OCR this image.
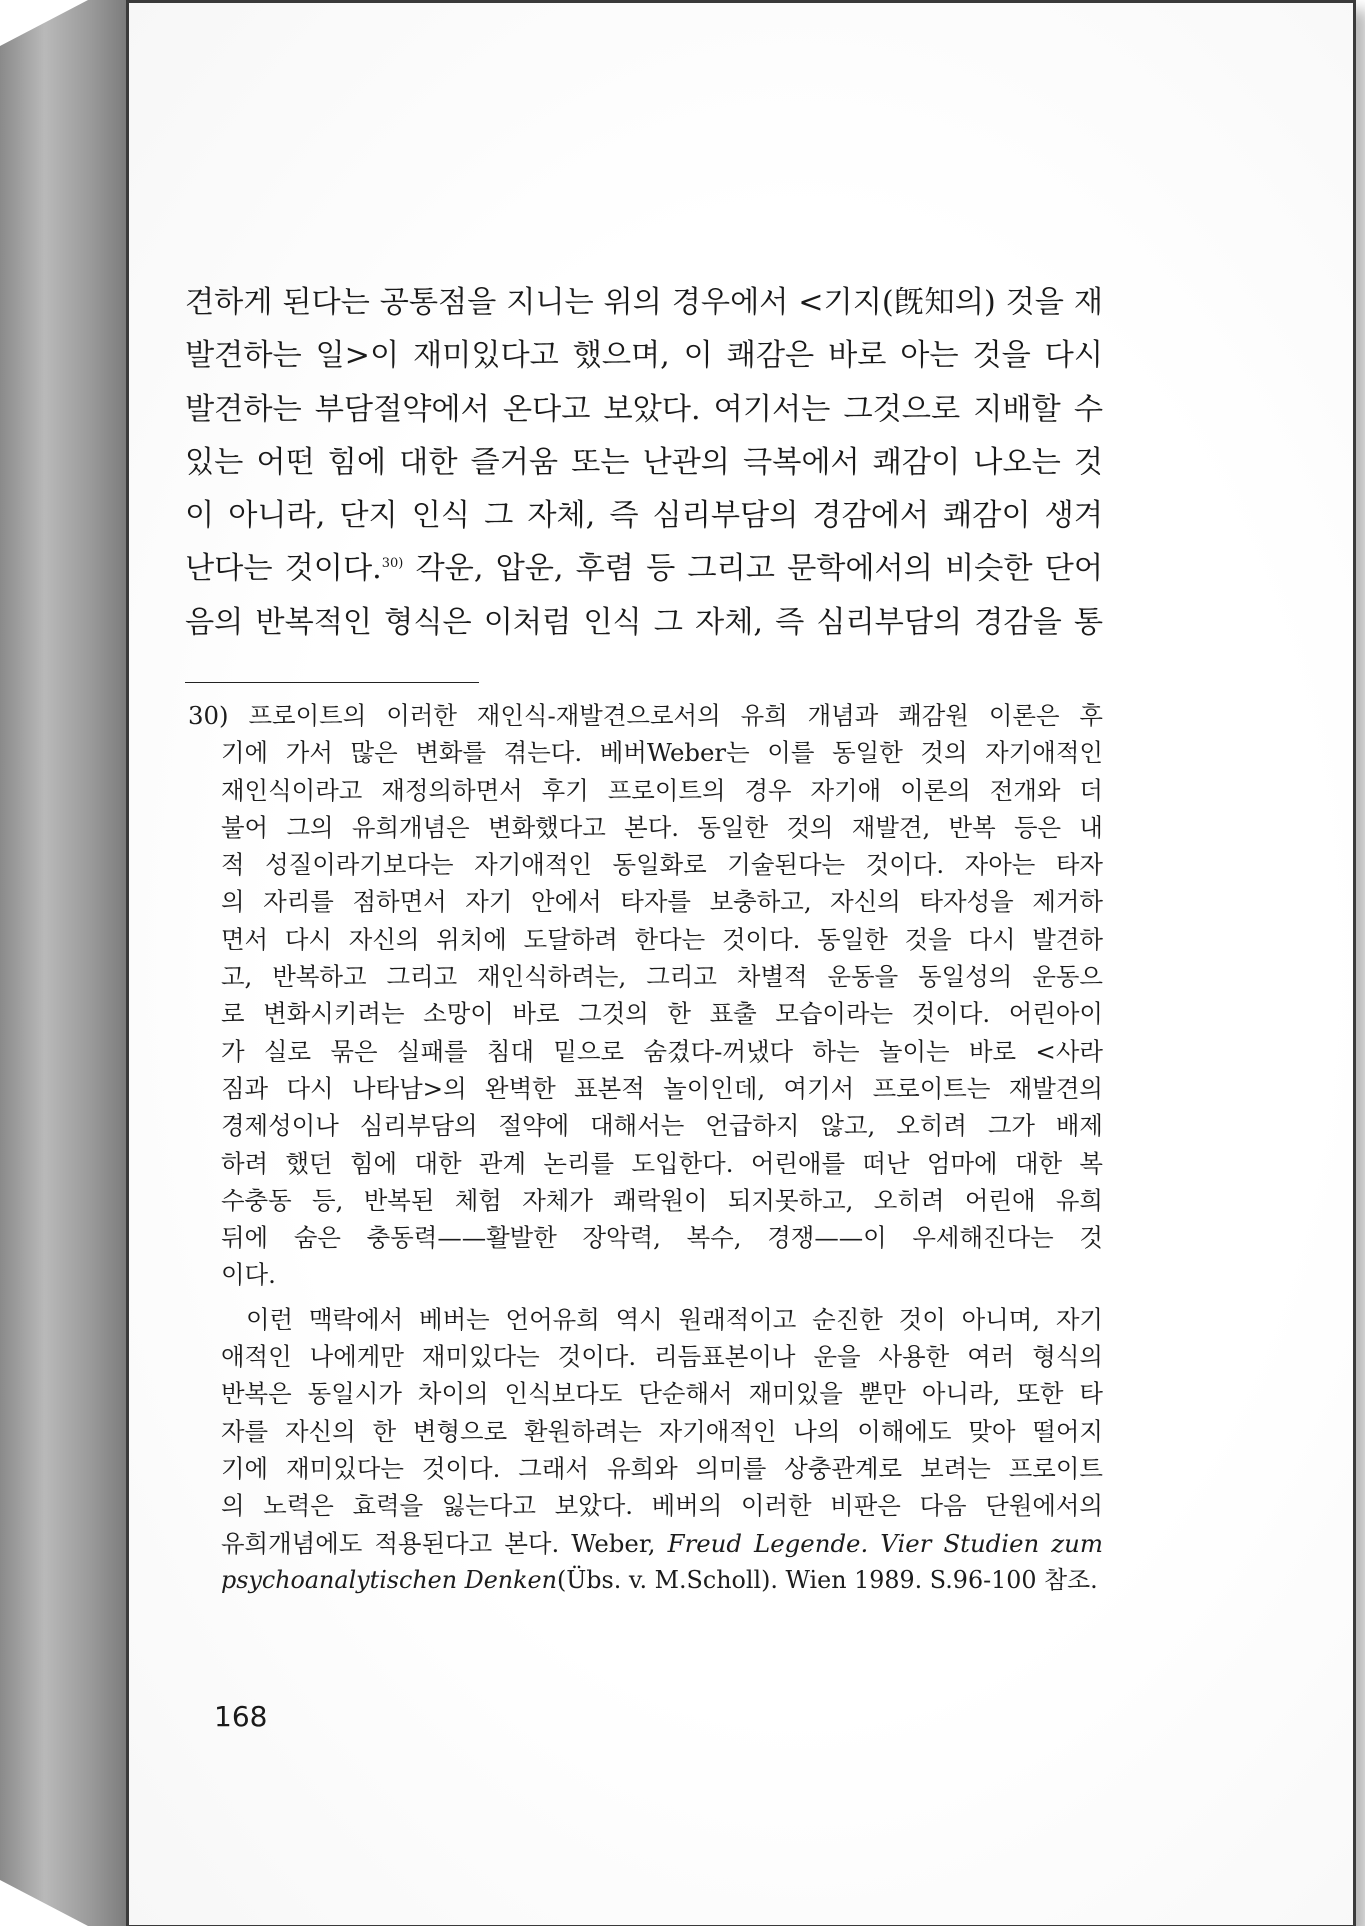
견하게 된다는 공통점을 지니는 위의 경우에서 <기지(旣知의) 것을 재
발견하는 일>이 재미있다고 했으며, 이 쾌감은 바로 아는 것을 다시
발견하는 부담절약에서 온다고 보았다. 여기서는 그것으로 지배할 수
있는 어떤 힘에 대한 즐거움 또는 난관의 극복에서 쾌감이 나오는 것
이 아니라, 단지 인식 그 자체, 즉 심리부담의 경감에서 쾌감이 생겨
난다는 것이다.$^{30)}$ 각운, 압운, 후렴 등 그리고 문학에서의 비슷한 단어
음의 반복적인 형식은 이처럼 인식 그 자체, 즉 심리부담의 경감을 통
30) 프로이트의 이러한 재인식-재발견으로서의 유희 개념과 쾌감원 이론은 후
기에 가서 많은 변화를 겪는다. 베버Weber는 이를 동일한 것의 자기애적인
재인식이라고 재정의하면서 후기 프로이트의 경우 자기애 이론의 전개와 더
불어 그의 유희개념은 변화했다고 본다. 동일한 것의 재발견, 반복 등은 내
적 성질이라기보다는 자기애적인 동일화로 기술된다는 것이다. 자아는 타자
의 자리를 점하면서 자기 안에서 타자를 보충하고, 자신의 타자성을 제거하
면서 다시 자신의 위치에 도달하려 한다는 것이다. 동일한 것을 다시 발견하
고, 반복하고 그리고 재인식하려는, 그리고 차별적 운동을 동일성의 운동으
로 변화시키려는 소망이 바로 그것의 한 표출 모습이라는 것이다. 어린아이
가 실로 묶은 실패를 침대 밑으로 숨겼다-꺼냈다 하는 놀이는 바로 <사라
짐과 다시 나타남>의 완벽한 표본적 놀이인데, 여기서 프로이트는 재발견의
경제성이나 심리부담의 절약에 대해서는 언급하지 않고, 오히려 그가 배제
하려 했던 힘에 대한 관계 논리를 도입한다. 어린애를 떠난 엄마에 대한 복
수충동 등, 반복된 체험 자체가 쾌락원이 되지못하고, 오히려 어린애 유희
뒤에 숨은 충동력——활발한 장악력, 복수, 경쟁——이 우세해진다는 것
이다.
이런 맥락에서 베버는 언어유희 역시 원래적이고 순진한 것이 아니며, 자기
애적인 나에게만 재미있다는 것이다. 리듬표본이나 운을 사용한 여러 형식의
반복은 동일시가 차이의 인식보다도 단순해서 재미있을 뿐만 아니라, 또한 타
자를 자신의 한 변형으로 환원하려는 자기애적인 나의 이해에도 맞아 떨어지
기에 재미있다는 것이다. 그래서 유희와 의미를 상충관계로 보려는 프로이트
의 노력은 효력을 잃는다고 보았다. 베버의 이러한 비판은 다음 단원에서의
유희개념에도 적용된다고 본다. Weber, Freud Legende. Vier Studien zum
psychoanalytischen Denken(Übs. v. M.Scholl). Wien 1989. S.96-100 참조.
168
